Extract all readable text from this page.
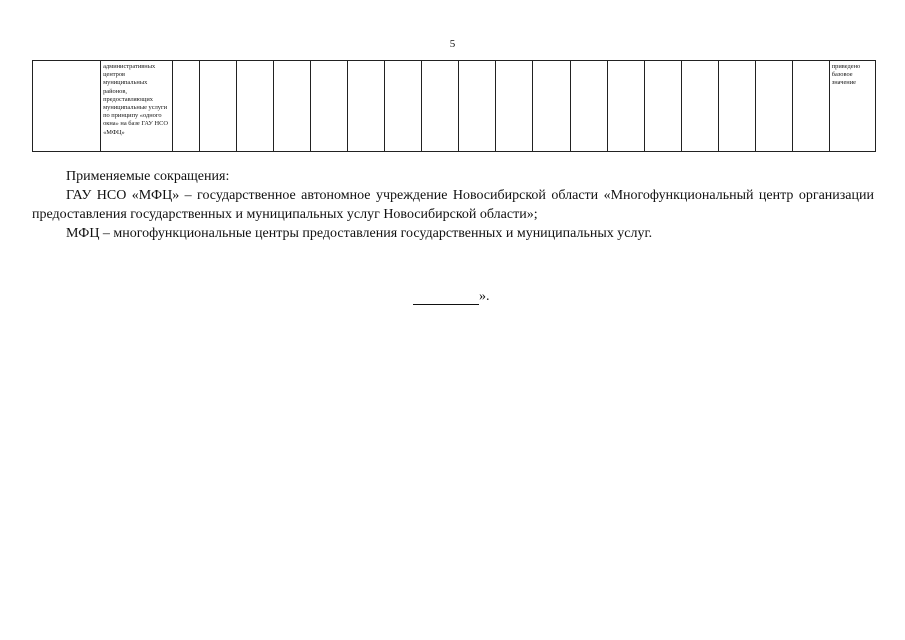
5
	административных центров муниципальных районов, предоставляющих муниципальные услуги по принципу «одного окна» на базе ГАУ НСО «МФЦ»																			приведено базовое значение

Применяемые сокращения:

ГАУ НСО «МФЦ» – государственное автономное учреждение Новосибирской области «Многофункциональный центр организации предоставления государственных и муниципальных услуг Новосибирской области»;

МФЦ – многофункциональные центры предоставления государственных и муниципальных услуг.

».
